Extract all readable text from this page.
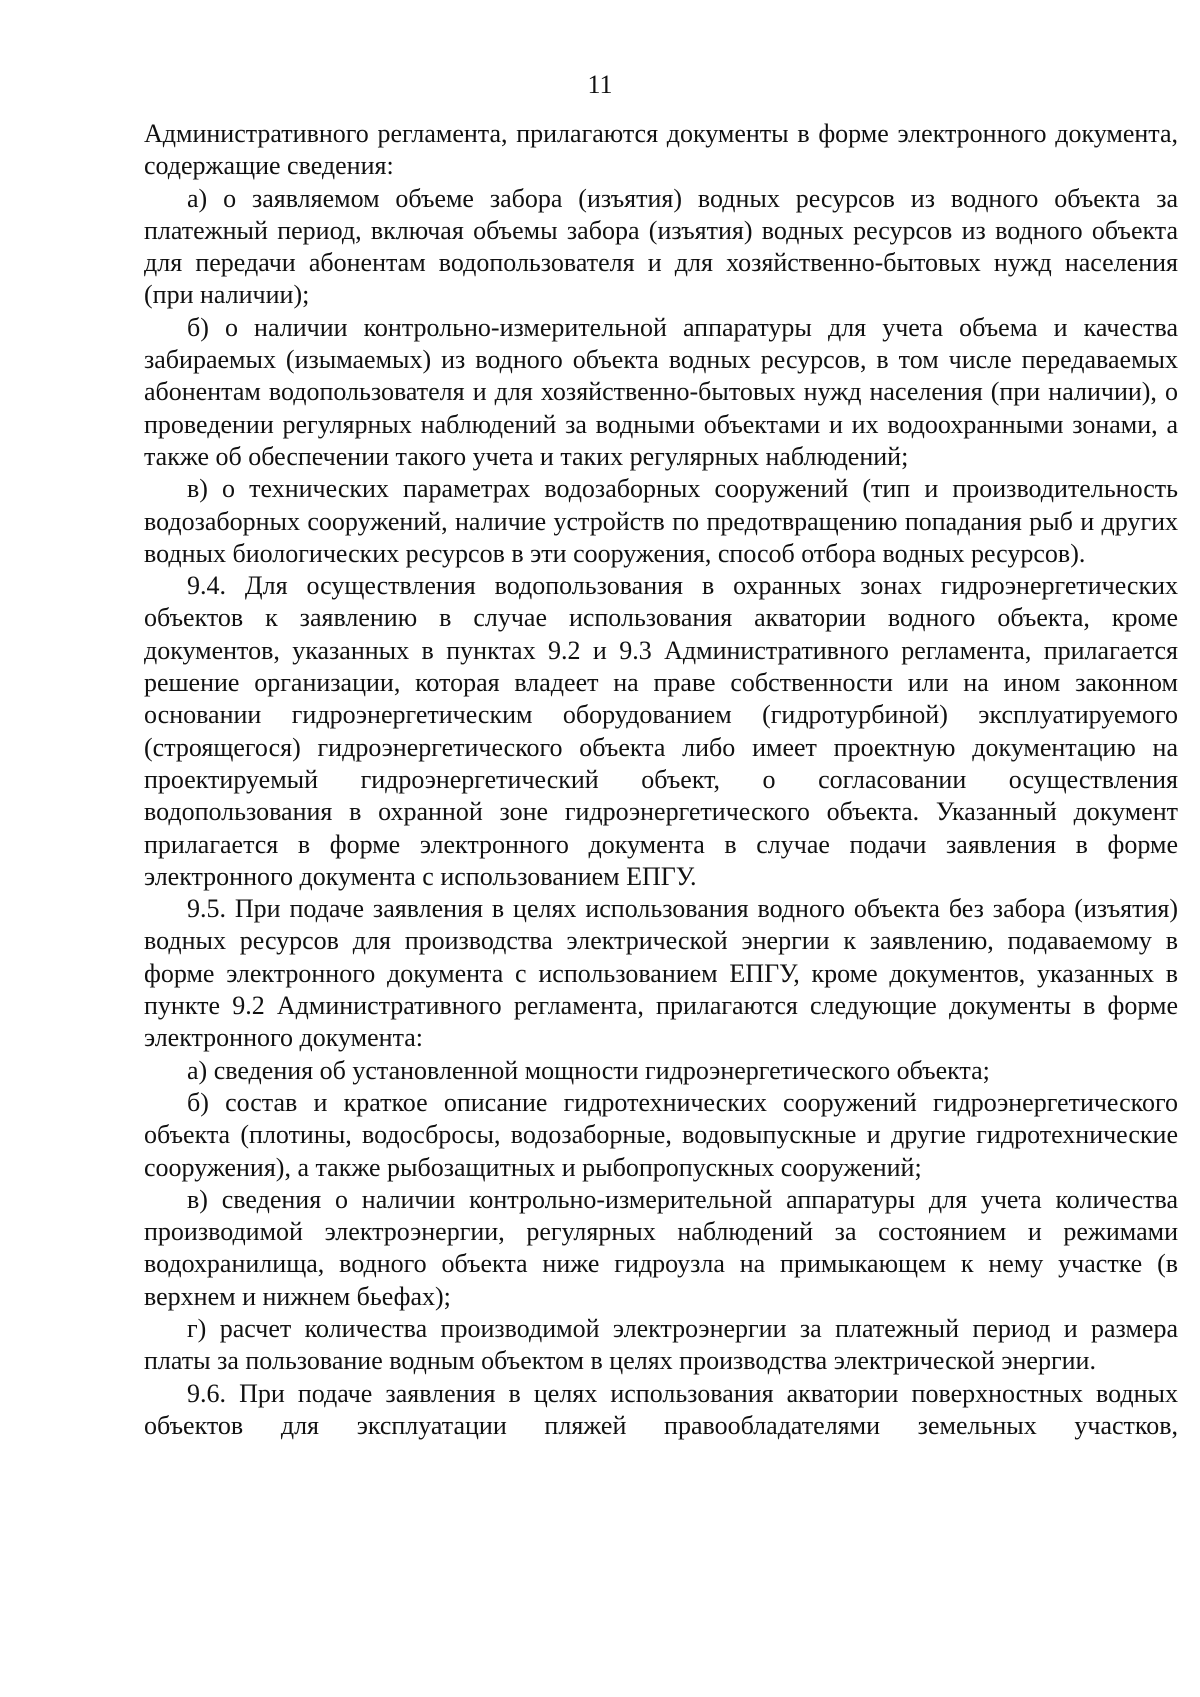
11

Административного регламента, прилагаются документы в форме электронного документа, содержащие сведения:

а) о заявляемом объеме забора (изъятия) водных ресурсов из водного объекта за платежный период, включая объемы забора (изъятия) водных ресурсов из водного объекта для передачи абонентам водопользователя и для хозяйственно-бытовых нужд населения (при наличии);

б) о наличии контрольно-измерительной аппаратуры для учета объема и качества забираемых (изымаемых) из водного объекта водных ресурсов, в том числе передаваемых абонентам водопользователя и для хозяйственно-бытовых нужд населения (при наличии), о проведении регулярных наблюдений за водными объектами и их водоохранными зонами, а также об обеспечении такого учета и таких регулярных наблюдений;

в) о технических параметрах водозаборных сооружений (тип и производительность водозаборных сооружений, наличие устройств по предотвращению попадания рыб и других водных биологических ресурсов в эти сооружения, способ отбора водных ресурсов).

9.4. Для осуществления водопользования в охранных зонах гидроэнергетических объектов к заявлению в случае использования акватории водного объекта, кроме документов, указанных в пунктах 9.2 и 9.3 Административного регламента, прилагается решение организации, которая владеет на праве собственности или на ином законном основании гидроэнергетическим оборудованием (гидротурбиной) эксплуатируемого (строящегося) гидроэнергетического объекта либо имеет проектную документацию на проектируемый гидроэнергетический объект, о согласовании осуществления водопользования в охранной зоне гидроэнергетического объекта. Указанный документ прилагается в форме электронного документа в случае подачи заявления в форме электронного документа с использованием ЕПГУ.

9.5. При подаче заявления в целях использования водного объекта без забора (изъятия) водных ресурсов для производства электрической энергии к заявлению, подаваемому в форме электронного документа с использованием ЕПГУ, кроме документов, указанных в пункте 9.2 Административного регламента, прилагаются следующие документы в форме электронного документа:

а) сведения об установленной мощности гидроэнергетического объекта;

б) состав и краткое описание гидротехнических сооружений гидроэнергетического объекта (плотины, водосбросы, водозаборные, водовыпускные и другие гидротехнические сооружения), а также рыбозащитных и рыбопропускных сооружений;

в) сведения о наличии контрольно-измерительной аппаратуры для учета количества производимой электроэнергии, регулярных наблюдений за состоянием и режимами водохранилища, водного объекта ниже гидроузла на примыкающем к нему участке (в верхнем и нижнем бьефах);

г) расчет количества производимой электроэнергии за платежный период и размера платы за пользование водным объектом в целях производства электрической энергии.

9.6. При подаче заявления в целях использования акватории поверхностных водных объектов для эксплуатации пляжей правообладателями земельных участков,
